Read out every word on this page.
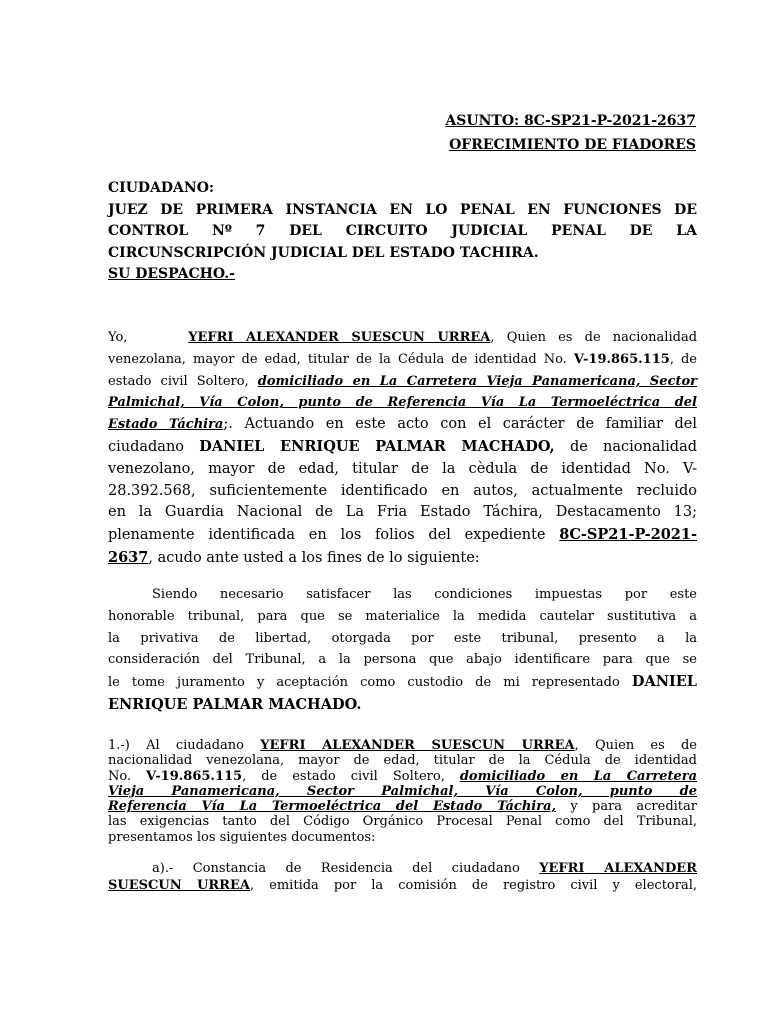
ASUNTO: 8C-SP21-P-2021-2637
OFRECIMIENTO DE FIADORES
CIUDADANO:
JUEZ DE PRIMERA INSTANCIA EN LO PENAL EN FUNCIONES DE
CONTROL Nº 7 DEL CIRCUITO JUDICIAL PENAL DE LA
CIRCUNSCRIPCIÓN JUDICIAL DEL ESTADO TACHIRA.
SU DESPACHO.-
Yo,	YEFRI ALEXANDER SUESCUN URREA, Quien es de nacionalidad
venezolana, mayor de edad, titular de la Cédula de identidad No. V-19.865.115, de
estado civil Soltero, domiciliado en La Carretera Vieja Panamericana, Sector
Palmichal, Vía Colon, punto de Referencia Vía La Termoeléctrica del
Estado Táchira;. Actuando en este acto con el carácter de familiar del
ciudadano DANIEL ENRIQUE PALMAR MACHADO, de nacionalidad
venezolano, mayor de edad, titular de la cèdula de identidad No. V-
28.392.568, suficientemente identificado en autos, actualmente recluido
en la Guardia Nacional de La Fria Estado Táchira, Destacamento 13;
plenamente identificada en los folios del expediente 8C-SP21-P-2021-
2637, acudo ante usted a los fines de lo siguiente:
Siendo necesario satisfacer las condiciones impuestas por este
honorable tribunal, para que se materialice la medida cautelar sustitutiva a
la privativa de libertad, otorgada por este tribunal, presento a la
consideración del Tribunal, a la persona que abajo identificare para que se
le tome juramento y aceptación como custodio de mi representado DANIEL
ENRIQUE PALMAR MACHADO.
1.-) Al ciudadano YEFRI ALEXANDER SUESCUN URREA, Quien es de
nacionalidad venezolana, mayor de edad, titular de la Cédula de identidad
No. V-19.865.115, de estado civil Soltero, domiciliado en La Carretera
Vieja Panamericana, Sector Palmichal, Vía Colon, punto de
Referencia Vía La Termoeléctrica del Estado Táchira, y para acreditar
las exigencias tanto del Código Orgánico Procesal Penal como del Tribunal,
presentamos los siguientes documentos:
a).- Constancia de Residencia del ciudadano YEFRI ALEXANDER
SUESCUN URREA, emitida por la comisión de registro civil y electoral,
